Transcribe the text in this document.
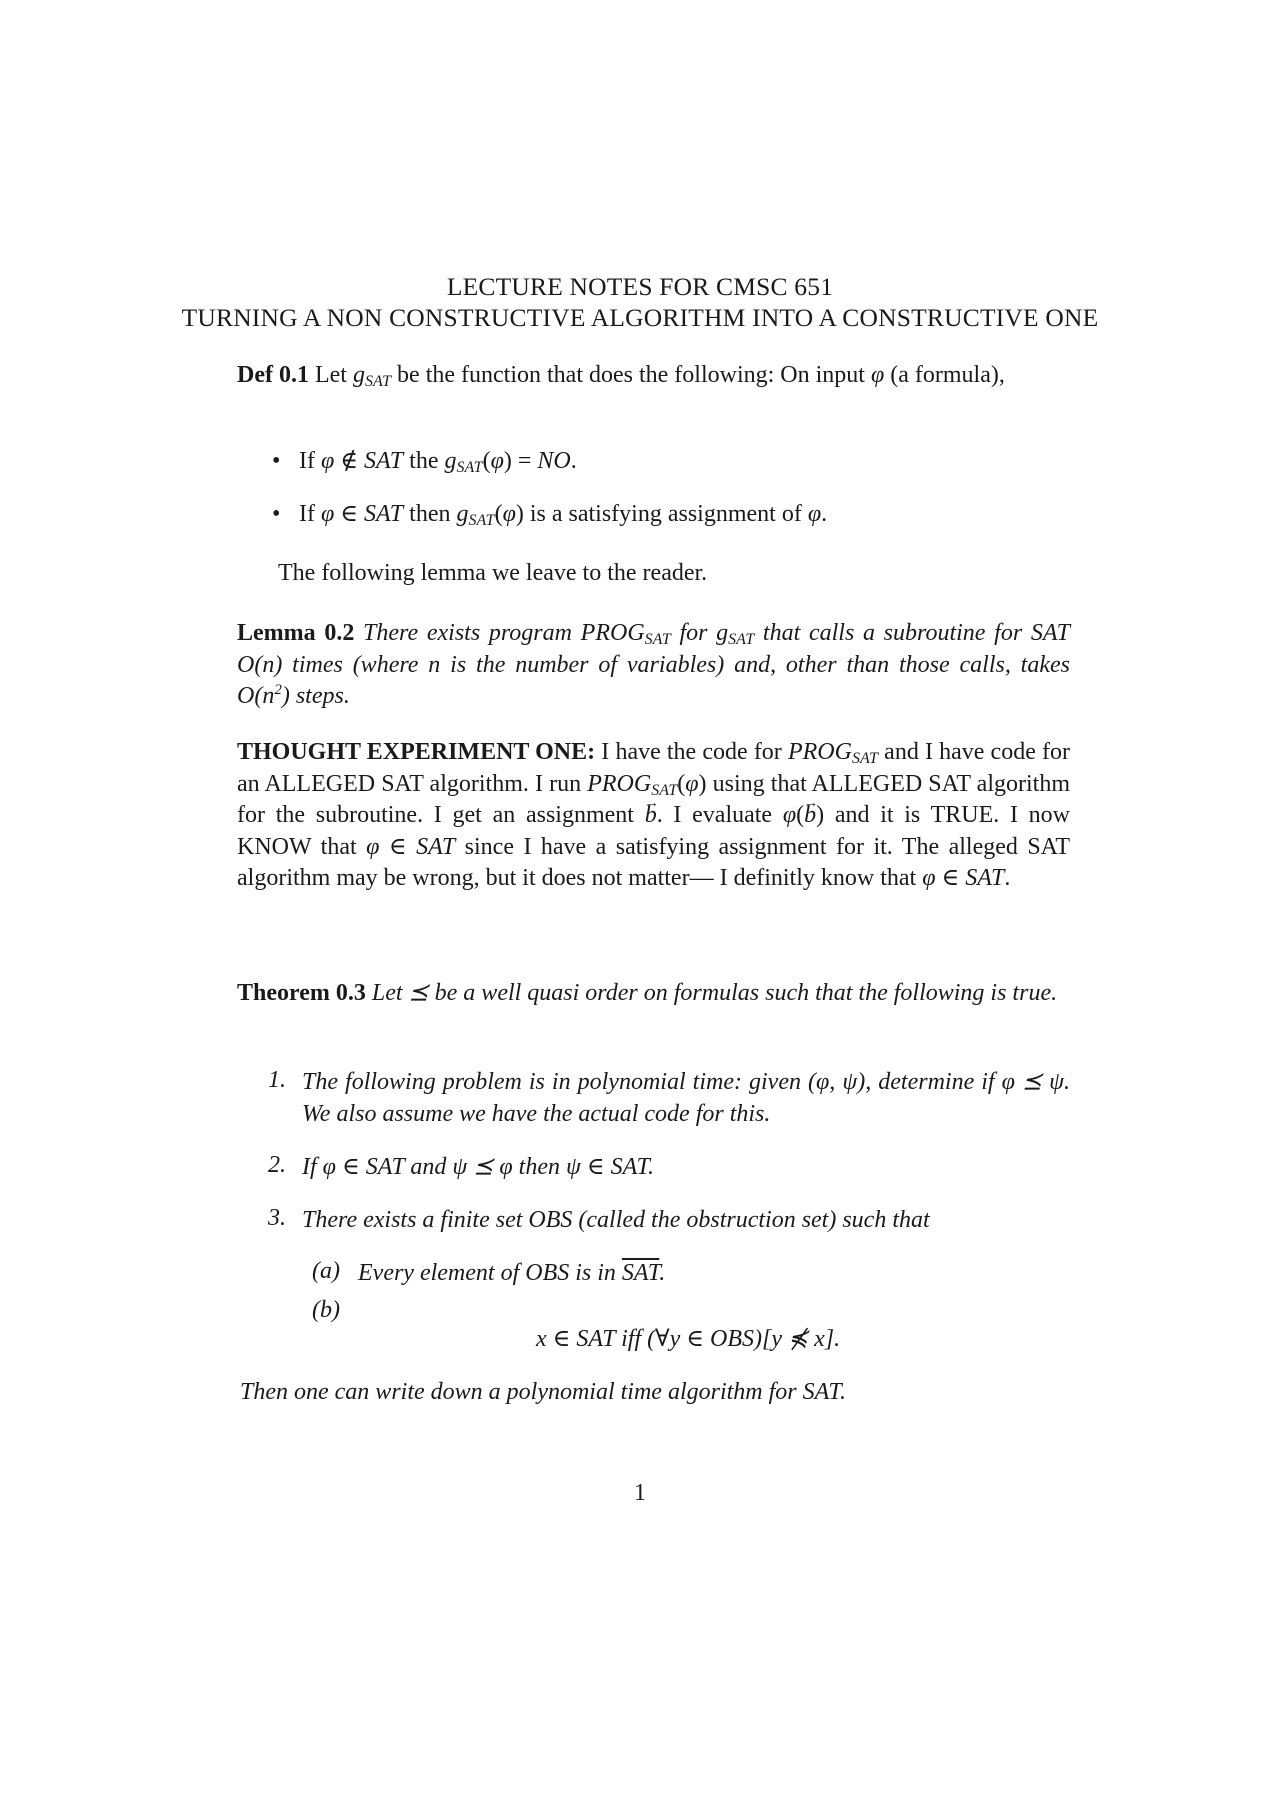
LECTURE NOTES FOR CMSC 651
TURNING A NON CONSTRUCTIVE ALGORITHM INTO A CONSTRUCTIVE ONE
Def 0.1 Let $g_{SAT}$ be the function that does the following: On input φ (a formula),
• If φ ∉ SAT the $g_{SAT}(\varphi)$ = NO.
• If φ ∈ SAT then $g_{SAT}(\varphi)$ is a satisfying assignment of φ.
The following lemma we leave to the reader.
Lemma 0.2 There exists program $PROG_{SAT}$ for $g_{SAT}$ that calls a subroutine for SAT O(n) times (where n is the number of variables) and, other than those calls, takes $O(n^2)$ steps.
THOUGHT EXPERIMENT ONE: I have the code for $PROG_{SAT}$ and I have code for an ALLEGED SAT algorithm. I run $PROG_{SAT}(\varphi)$ using that ALLEGED SAT algorithm for the subroutine. I get an assignment → b. I evaluate φ(→ b) and it is TRUE. I now KNOW that φ ∈ SAT since I have a satisfying assignment for it. The alleged SAT algorithm may be wrong, but it does not matter— I definitly know that φ ∈ SAT.
Theorem 0.3 Let ⪯ be a well quasi order on formulas such that the following is true.
1. The following problem is in polynomial time: given (φ, ψ), determine if φ ⪯ ψ. We also assume we have the actual code for this.
2. If φ ∈ SAT and ψ ⪯ φ then ψ ∈ SAT.
3. There exists a finite set OBS (called the obstruction set) such that
(a) Every element of OBS is in $\overline{SAT}$.
(b)
x ∈ SAT iff (∀y ∈ OBS)[y ⋠ x].
Then one can write down a polynomial time algorithm for SAT.
1
